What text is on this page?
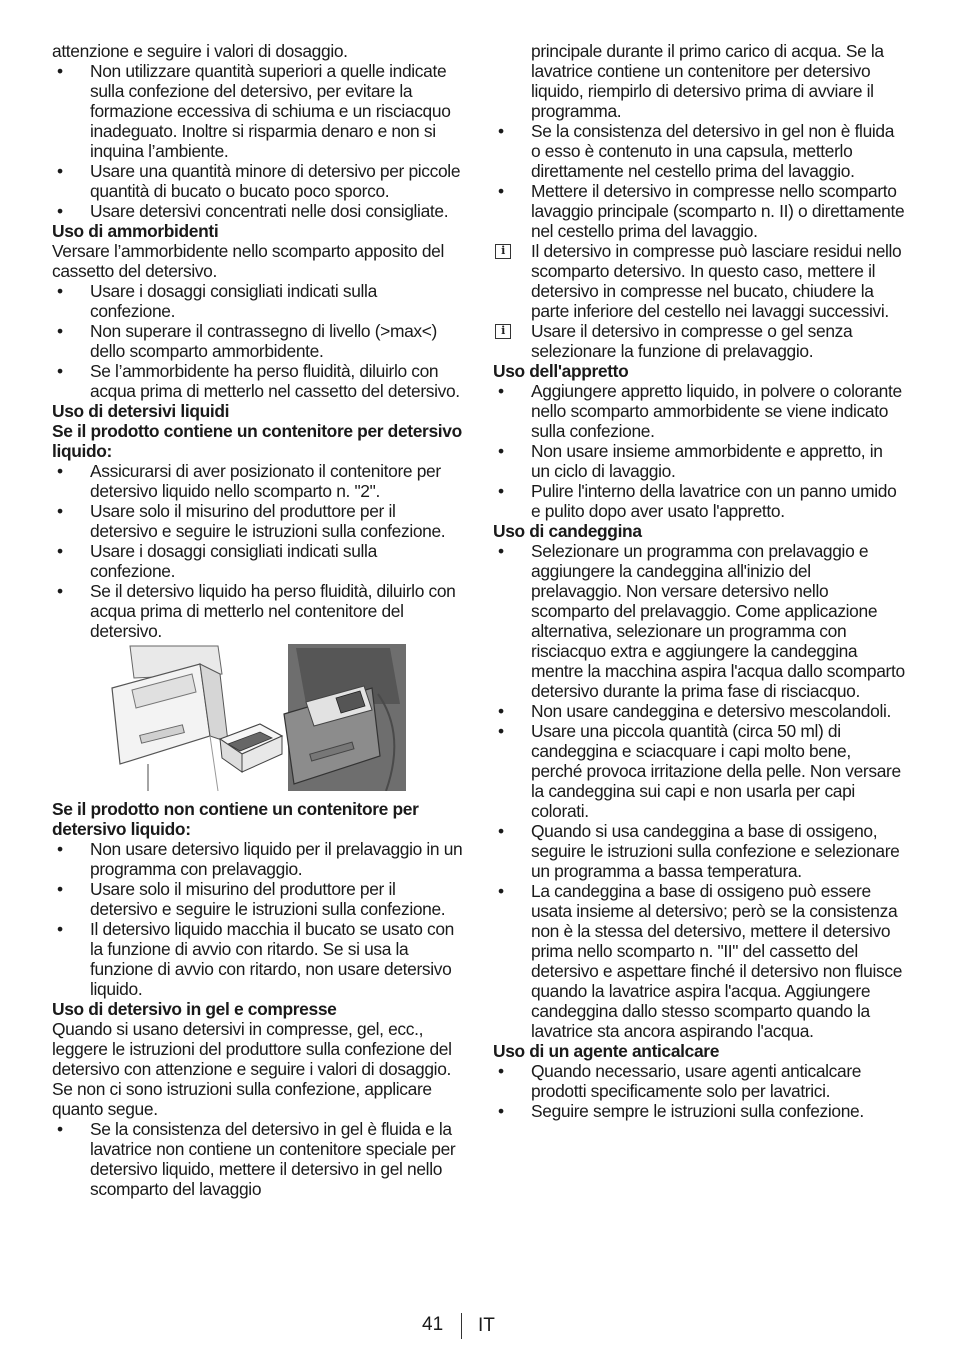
attenzione e seguire i valori di dosaggio.

• Non utilizzare quantità superiori a quelle indicate sulla confezione del detersivo, per evitare la formazione eccessiva di schiuma e un risciacquo inadeguato. Inoltre si risparmia denaro e non si inquina l’ambiente.
• Usare una quantità minore di detersivo per piccole quantità di bucato o bucato poco sporco.
• Usare detersivi concentrati nelle dosi consigliate.

Uso di ammorbidenti

Versare l’ammorbidente nello scomparto apposito del cassetto del detersivo.

• Usare i dosaggi consigliati indicati sulla confezione.
• Non superare il contrassegno di livello (>max<) dello scomparto ammorbidente.
• Se l’ammorbidente ha perso fluidità, diluirlo con acqua prima di metterlo nel cassetto del detersivo.

Uso di detersivi liquidi

Se il prodotto contiene un contenitore per detersivo liquido:

• Assicurarsi di aver posizionato il contenitore per detersivo liquido nello scomparto n. "2".
• Usare solo il misurino del produttore per il detersivo e seguire le istruzioni sulla confezione.
• Usare i dosaggi consigliati indicati sulla confezione.
• Se il detersivo liquido ha perso fluidità, diluirlo con acqua prima di metterlo nel contenitore del detersivo.

Se il prodotto non contiene un contenitore per detersivo liquido:

• Non usare detersivo liquido per il prelavaggio in un programma con prelavaggio.
• Usare solo il misurino del produttore per il detersivo e seguire le istruzioni sulla confezione.
• Il detersivo liquido macchia il bucato se usato con la funzione di avvio con ritardo. Se si usa la funzione di avvio con ritardo, non usare detersivo liquido.

Uso di detersivo in gel e compresse

Quando si usano detersivi in compresse, gel, ecc., leggere le istruzioni del produttore sulla confezione del detersivo con attenzione e seguire i valori di dosaggio. Se non ci sono istruzioni sulla confezione, applicare quanto segue.

• Se la consistenza del detersivo in gel è fluida e la lavatrice non contiene un contenitore speciale per detersivo liquido, mettere il detersivo in gel nello scomparto del lavaggio

principale durante il primo carico di acqua. Se la lavatrice contiene un contenitore per detersivo liquido, riempirlo di detersivo prima di avviare il programma.

• Se la consistenza del detersivo in gel non è fluida o esso è contenuto in una capsula, metterlo direttamente nel cestello prima del lavaggio.
• Mettere il detersivo in compresse nello scomparto lavaggio principale (scomparto n. II) o direttamente nel cestello prima del lavaggio.
i	Il detersivo in compresse può lasciare residui nello scomparto detersivo. In questo caso, mettere il detersivo in compresse nel bucato, chiudere la parte inferiore del cestello nei lavaggi successivi.
i	Usare il detersivo in compresse o gel senza selezionare la funzione di prelavaggio.

Uso dell'appretto

• Aggiungere appretto liquido, in polvere o colorante nello scomparto ammorbidente se viene indicato sulla confezione.
• Non usare insieme ammorbidente e appretto, in un ciclo di lavaggio.
• Pulire l'interno della lavatrice con un panno umido e pulito dopo aver usato l'appretto.

Uso di candeggina

• Selezionare un programma con prelavaggio e aggiungere la candeggina all'inizio del prelavaggio. Non versare detersivo nello scomparto del prelavaggio. Come applicazione alternativa, selezionare un programma con risciacquo extra e aggiungere la candeggina mentre la macchina aspira l'acqua dallo scomparto detersivo durante la prima fase di risciacquo.
• Non usare candeggina e detersivo mescolandoli.
• Usare una piccola quantità (circa 50 ml) di candeggina e sciacquare i capi molto bene, perché provoca irritazione della pelle. Non versare la candeggina sui capi e non usarla per capi colorati.
• Quando si usa candeggina a base di ossigeno, seguire le istruzioni sulla confezione e selezionare un programma a bassa temperatura.
• La candeggina a base di ossigeno può essere usata insieme al detersivo; però se la consistenza non è la stessa del detersivo, mettere il detersivo prima nello scomparto n. "II" del cassetto del detersivo e aspettare finché il detersivo non fluisce quando la lavatrice aspira l'acqua. Aggiungere candeggina dallo stesso scomparto quando la lavatrice sta ancora aspirando l'acqua.

Uso di un agente anticalcare

• Quando necessario, usare agenti anticalcare prodotti specificamente solo per lavatrici.
• Seguire sempre le istruzioni sulla confezione.
41 IT
